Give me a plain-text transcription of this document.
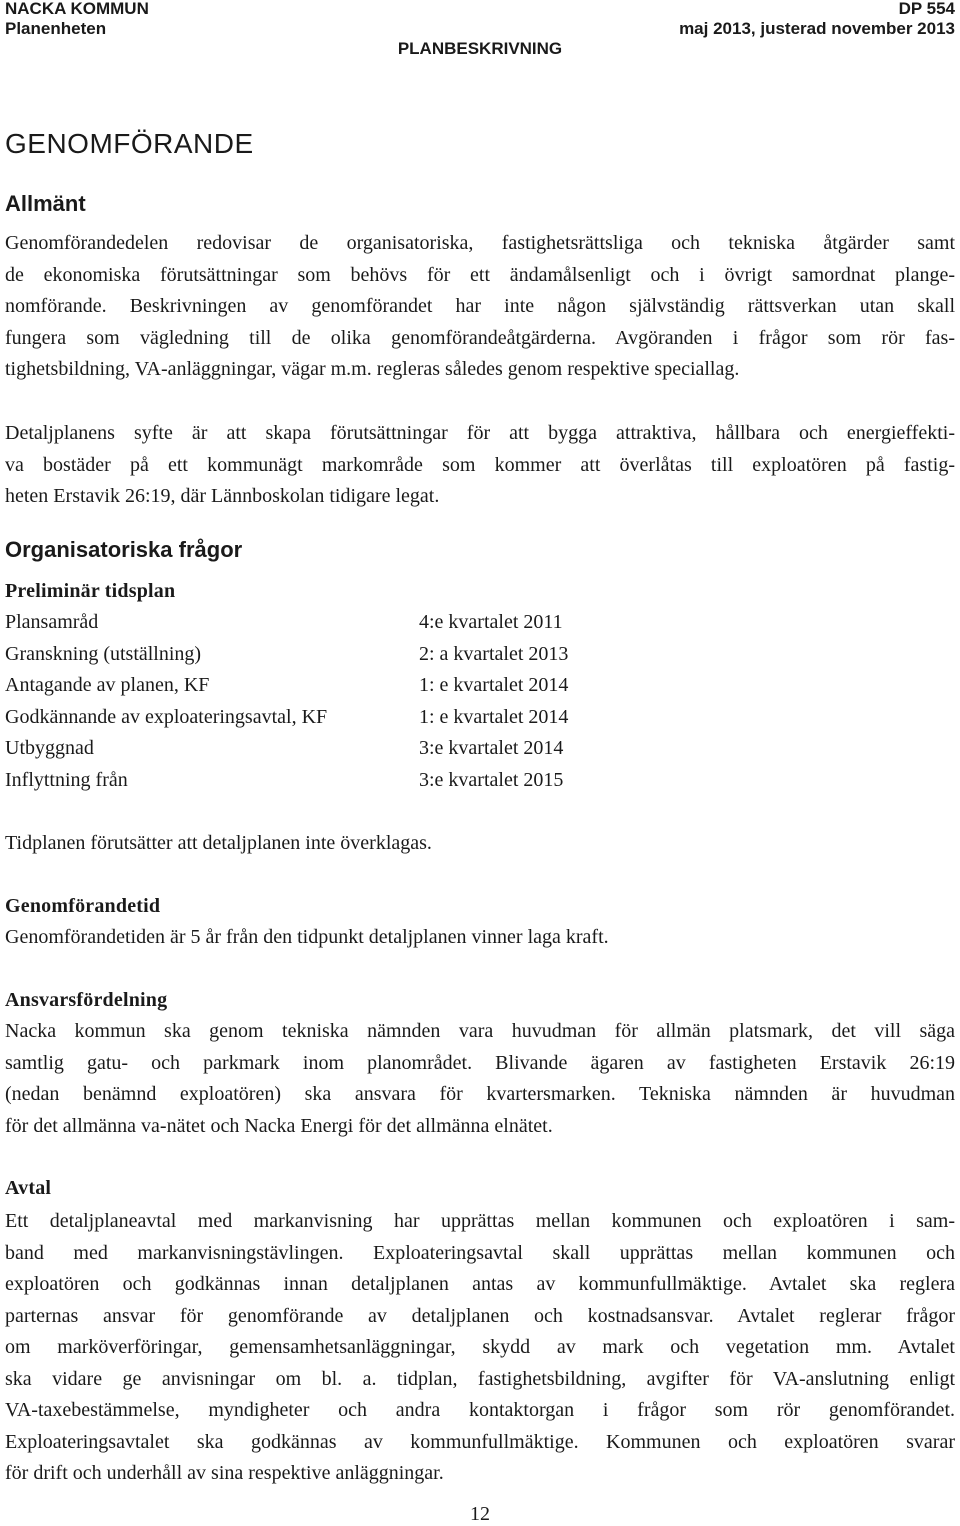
NACKA KOMMUN
Planenheten
DP 554
maj 2013, justerad november 2013
PLANBESKRIVNING
GENOMFÖRANDE
Allmänt
Genomförandedelen redovisar de organisatoriska, fastighetsrättsliga och tekniska åtgärder samt
de ekonomiska förutsättningar som behövs för ett ändamålsenligt och i övrigt samordnat plange-
nomförande. Beskrivningen av genomförandet har inte någon självständig rättsverkan utan skall
fungera som vägledning till de olika genomförandeåtgärderna. Avgöranden i frågor som rör fas-
tighetsbildning, VA-anläggningar, vägar m.m. regleras således genom respektive speciallag.
Detaljplanens syfte är att skapa förutsättningar för att bygga attraktiva, hållbara och energieffekti-
va bostäder på ett kommunägt markområde som kommer att överlåtas till exploatören på fastig-
heten Erstavik 26:19, där Lännboskolan tidigare legat.
Organisatoriska frågor
Preliminär tidsplan
Plansamråd	4:e kvartalet 2011
Granskning (utställning)	2: a kvartalet 2013
Antagande av planen, KF	1: e kvartalet 2014
Godkännande av exploateringsavtal, KF	1: e kvartalet 2014
Utbyggnad	3:e kvartalet 2014
Inflyttning från	3:e kvartalet 2015
Tidplanen förutsätter att detaljplanen inte överklagas.
Genomförandetid
Genomförandetiden är 5 år från den tidpunkt detaljplanen vinner laga kraft.
Ansvarsfördelning
Nacka kommun ska genom tekniska nämnden vara huvudman för allmän platsmark, det vill säga
samtlig gatu- och parkmark inom planområdet. Blivande ägaren av fastigheten Erstavik 26:19
(nedan benämnd exploatören) ska ansvara för kvartersmarken. Tekniska nämnden är huvudman
för det allmänna va-nätet och Nacka Energi för det allmänna elnätet.
Avtal
Ett detaljplaneavtal med markanvisning har upprättas mellan kommunen och exploatören i sam-
band med markanvisningstävlingen. Exploateringsavtal skall upprättas mellan kommunen och
exploatören och godkännas innan detaljplanen antas av kommunfullmäktige. Avtalet ska reglera
parternas ansvar för genomförande av detaljplanen och kostnadsansvar. Avtalet reglerar frågor
om marköverföringar, gemensamhetsanläggningar, skydd av mark och vegetation mm. Avtalet
ska vidare ge anvisningar om bl. a. tidplan, fastighetsbildning, avgifter för VA-anslutning enligt
VA-taxebestämmelse, myndigheter och andra kontaktorgan i frågor som rör genomförandet.
Exploateringsavtalet ska godkännas av kommunfullmäktige. Kommunen och exploatören svarar
för drift och underhåll av sina respektive anläggningar.
12
